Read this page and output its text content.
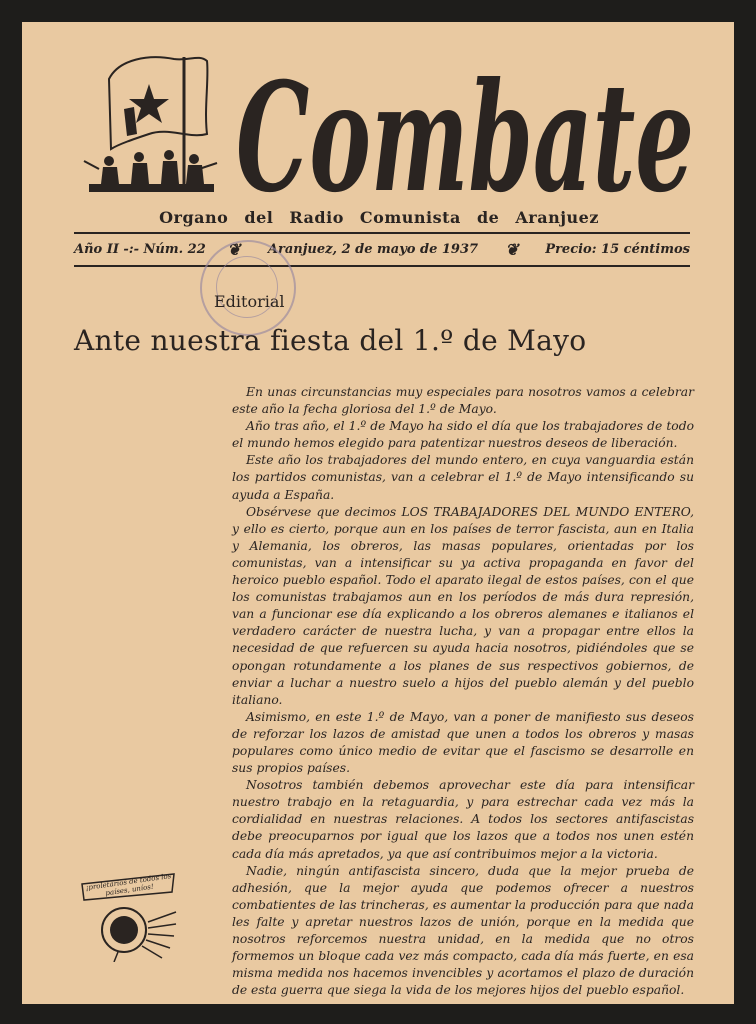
Combate
Organo del Radio Comunista de Aranjuez
Año II -:- Núm. 22	❦	Aranjuez, 2 de mayo de 1937	❦	Precio: 15 céntimos
Editorial
Ante nuestra fiesta del 1.º de Mayo

En unas circunstancias muy especiales para nosotros vamos a celebrar este año la fecha gloriosa del 1.º de Mayo.

Año tras año, el 1.º de Mayo ha sido el día que los trabajadores de todo el mundo hemos elegido para patentizar nuestros deseos de liberación.

Este año los trabajadores del mundo entero, en cuya vanguardia están los partidos comunistas, van a celebrar el 1.º de Mayo intensificando su ayuda a España.

Obsérvese que decimos LOS TRABAJADORES DEL MUNDO ENTERO, y ello es cierto, porque aun en los países de terror fascista, aun en Italia y Alemania, los obreros, las masas populares, orientadas por los comunistas, van a intensificar su ya activa propaganda en favor del heroico pueblo español. Todo el aparato ilegal de estos países, con el que los comunistas trabajamos aun en los períodos de más dura represión, van a funcionar ese día explicando a los obreros alemanes e italianos el verdadero carácter de nuestra lucha, y van a propagar entre ellos la necesidad de que refuercen su ayuda hacia nosotros, pidiéndoles que se opongan rotundamente a los planes de sus respectivos gobiernos, de enviar a luchar a nuestro suelo a hijos del pueblo alemán y del pueblo italiano.

Asimismo, en este 1.º de Mayo, van a poner de manifiesto sus deseos de reforzar los lazos de amistad que unen a todos los obreros y masas populares como único medio de evitar que el fascismo se desarrolle en sus propios países.

Nosotros también debemos aprovechar este día para intensificar nuestro trabajo en la retaguardia, y para estrechar cada vez más la cordialidad en nuestras relaciones. A todos los sectores antifascistas debe preocuparnos por igual que los lazos que a todos nos unen estén cada día más apretados, ya que así contribuimos mejor a la victoria.

Nadie, ningún antifascista sincero, duda que la mejor prueba de adhesión, que la mejor ayuda que podemos ofrecer a nuestros combatientes de las trincheras, es aumentar la producción para que nada les falte y apretar nuestros lazos de unión, porque en la medida que nosotros reforcemos nuestra unidad, en la medida que no otros formemos un bloque cada vez más compacto, cada día más fuerte, en esa misma medida nos hacemos invencibles y acortamos el plazo de duración de esta guerra que siega la vida de los mejores hijos del pueblo español.

¡proletarios de todos los países, uníos!
